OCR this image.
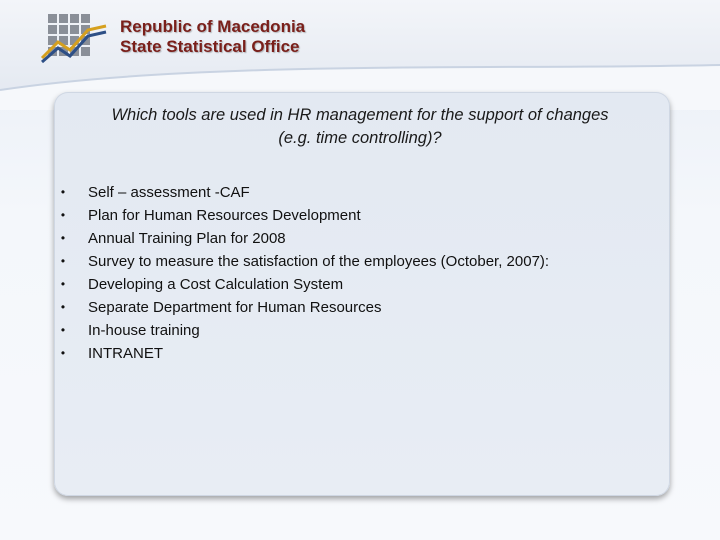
Republic of Macedonia
State Statistical Office
Which tools are used in HR management for the support of changes
(e.g. time controlling)?
• Self – assessment -CAF
• Plan for Human Resources Development
• Annual Training Plan for 2008
• Survey to measure the satisfaction of the employees (October, 2007):
• Developing a Cost Calculation System
• Separate Department for Human Resources
• In-house training
• INTRANET
